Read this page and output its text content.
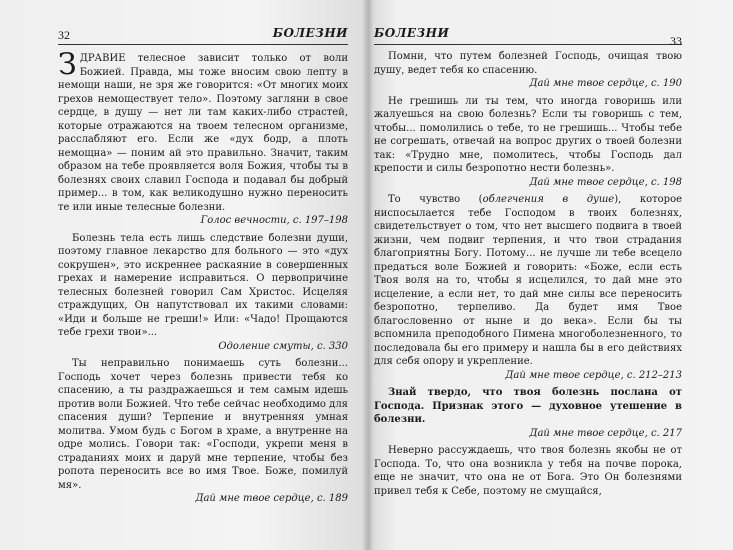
32	БОЛЕЗНИ

ЗДРАВИЕ телесное зависит только от воли Божией. Правда, мы тоже вносим свою лепту в немощи наши, не зря же говорится: «От многих моих грехов немоществует тело». Поэтому загляни в свое сердце, в душу — нет ли там каких-либо страстей, которые отражаются на твоем телесном организме, расслабляют его. Если же «дух бодр, а плоть немощна» — поним ай это правильно. Значит, таким образом на тебе проявляется воля Божия, чтобы ты в болезнях своих славил Господа и подавал бы добрый пример... в том, как великодушно нужно переносить те или иные телесные болезни.

Голос вечности, с. 197–198

Болезнь тела есть лишь следствие болезни души, поэтому главное лекарство для больного — это «дух сокрушен», это искреннее раскаяние в совершенных грехах и намерение исправиться. О первопричине телесных болезней говорил Сам Христос. Исцеляя страждущих, Он напутствовал их такими словами: «Иди и больше не греши!» Или: «Чадо! Прощаются тебе грехи твои»...

Одоление смуты, с. 330

Ты неправильно понимаешь суть болезни... Господь хочет через болезнь привести тебя ко спасению, а ты раздражаешься и тем самым идешь против воли Божией. Что тебе сейчас необходимо для спасения души? Терпение и внутренняя умная молитва. Умом будь с Богом в храме, а внутренне на одре молись. Говори так: «Господи, укрепи меня в страданиях моих и даруй мне терпение, чтобы без ропота переносить все во имя Твое. Боже, помилуй мя».

Дай мне твое сердце, с. 189
БОЛЕЗНИ
33

Помни, что путем болезней Господь, очищая твою душу, ведет тебя ко спасению.

Дай мне твое сердце, с. 190

Не грешишь ли ты тем, что иногда говоришь или жалуешься на свою болезнь? Если ты говоришь с тем, чтобы... помолились о тебе, то не грешишь... Чтобы тебе не согрешать, отвечай на вопрос других о твоей болезни так: «Трудно мне, помолитесь, чтобы Господь дал крепости и силы безропотно нести болезнь».

Дай мне твое сердце, с. 198

То чувство (облегчения в душе), которое ниспосылается тебе Господом в твоих болезнях, свидетельствует о том, что нет высшего подвига в твоей жизни, чем подвиг терпения, и что твои страдания благоприятны Богу. Потому... не лучше ли тебе всецело предаться воле Божией и говорить: «Боже, если есть Твоя воля на то, чтобы я исцелился, то дай мне это исцеление, а если нет, то дай мне силы все переносить безропотно, терпеливо. Да будет имя Твое благословенно от ныне и до века». Если бы ты вспомнила преподобного Пимена многоболезненного, то последовала бы его примеру и нашла бы в его действиях для себя опору и укрепление.

Дай мне твое сердце, с. 212–213

Знай твердо, что твоя болезнь послана от Господа. Признак этого — духовное утешение в болезни.

Дай мне твое сердце, с. 217

Неверно рассуждаешь, что твоя болезнь якобы не от Господа. То, что она возникла у тебя на почве порока, еще не значит, что она не от Бога. Это Он болезнями привел тебя к Себе, поэтому не смущайся,
